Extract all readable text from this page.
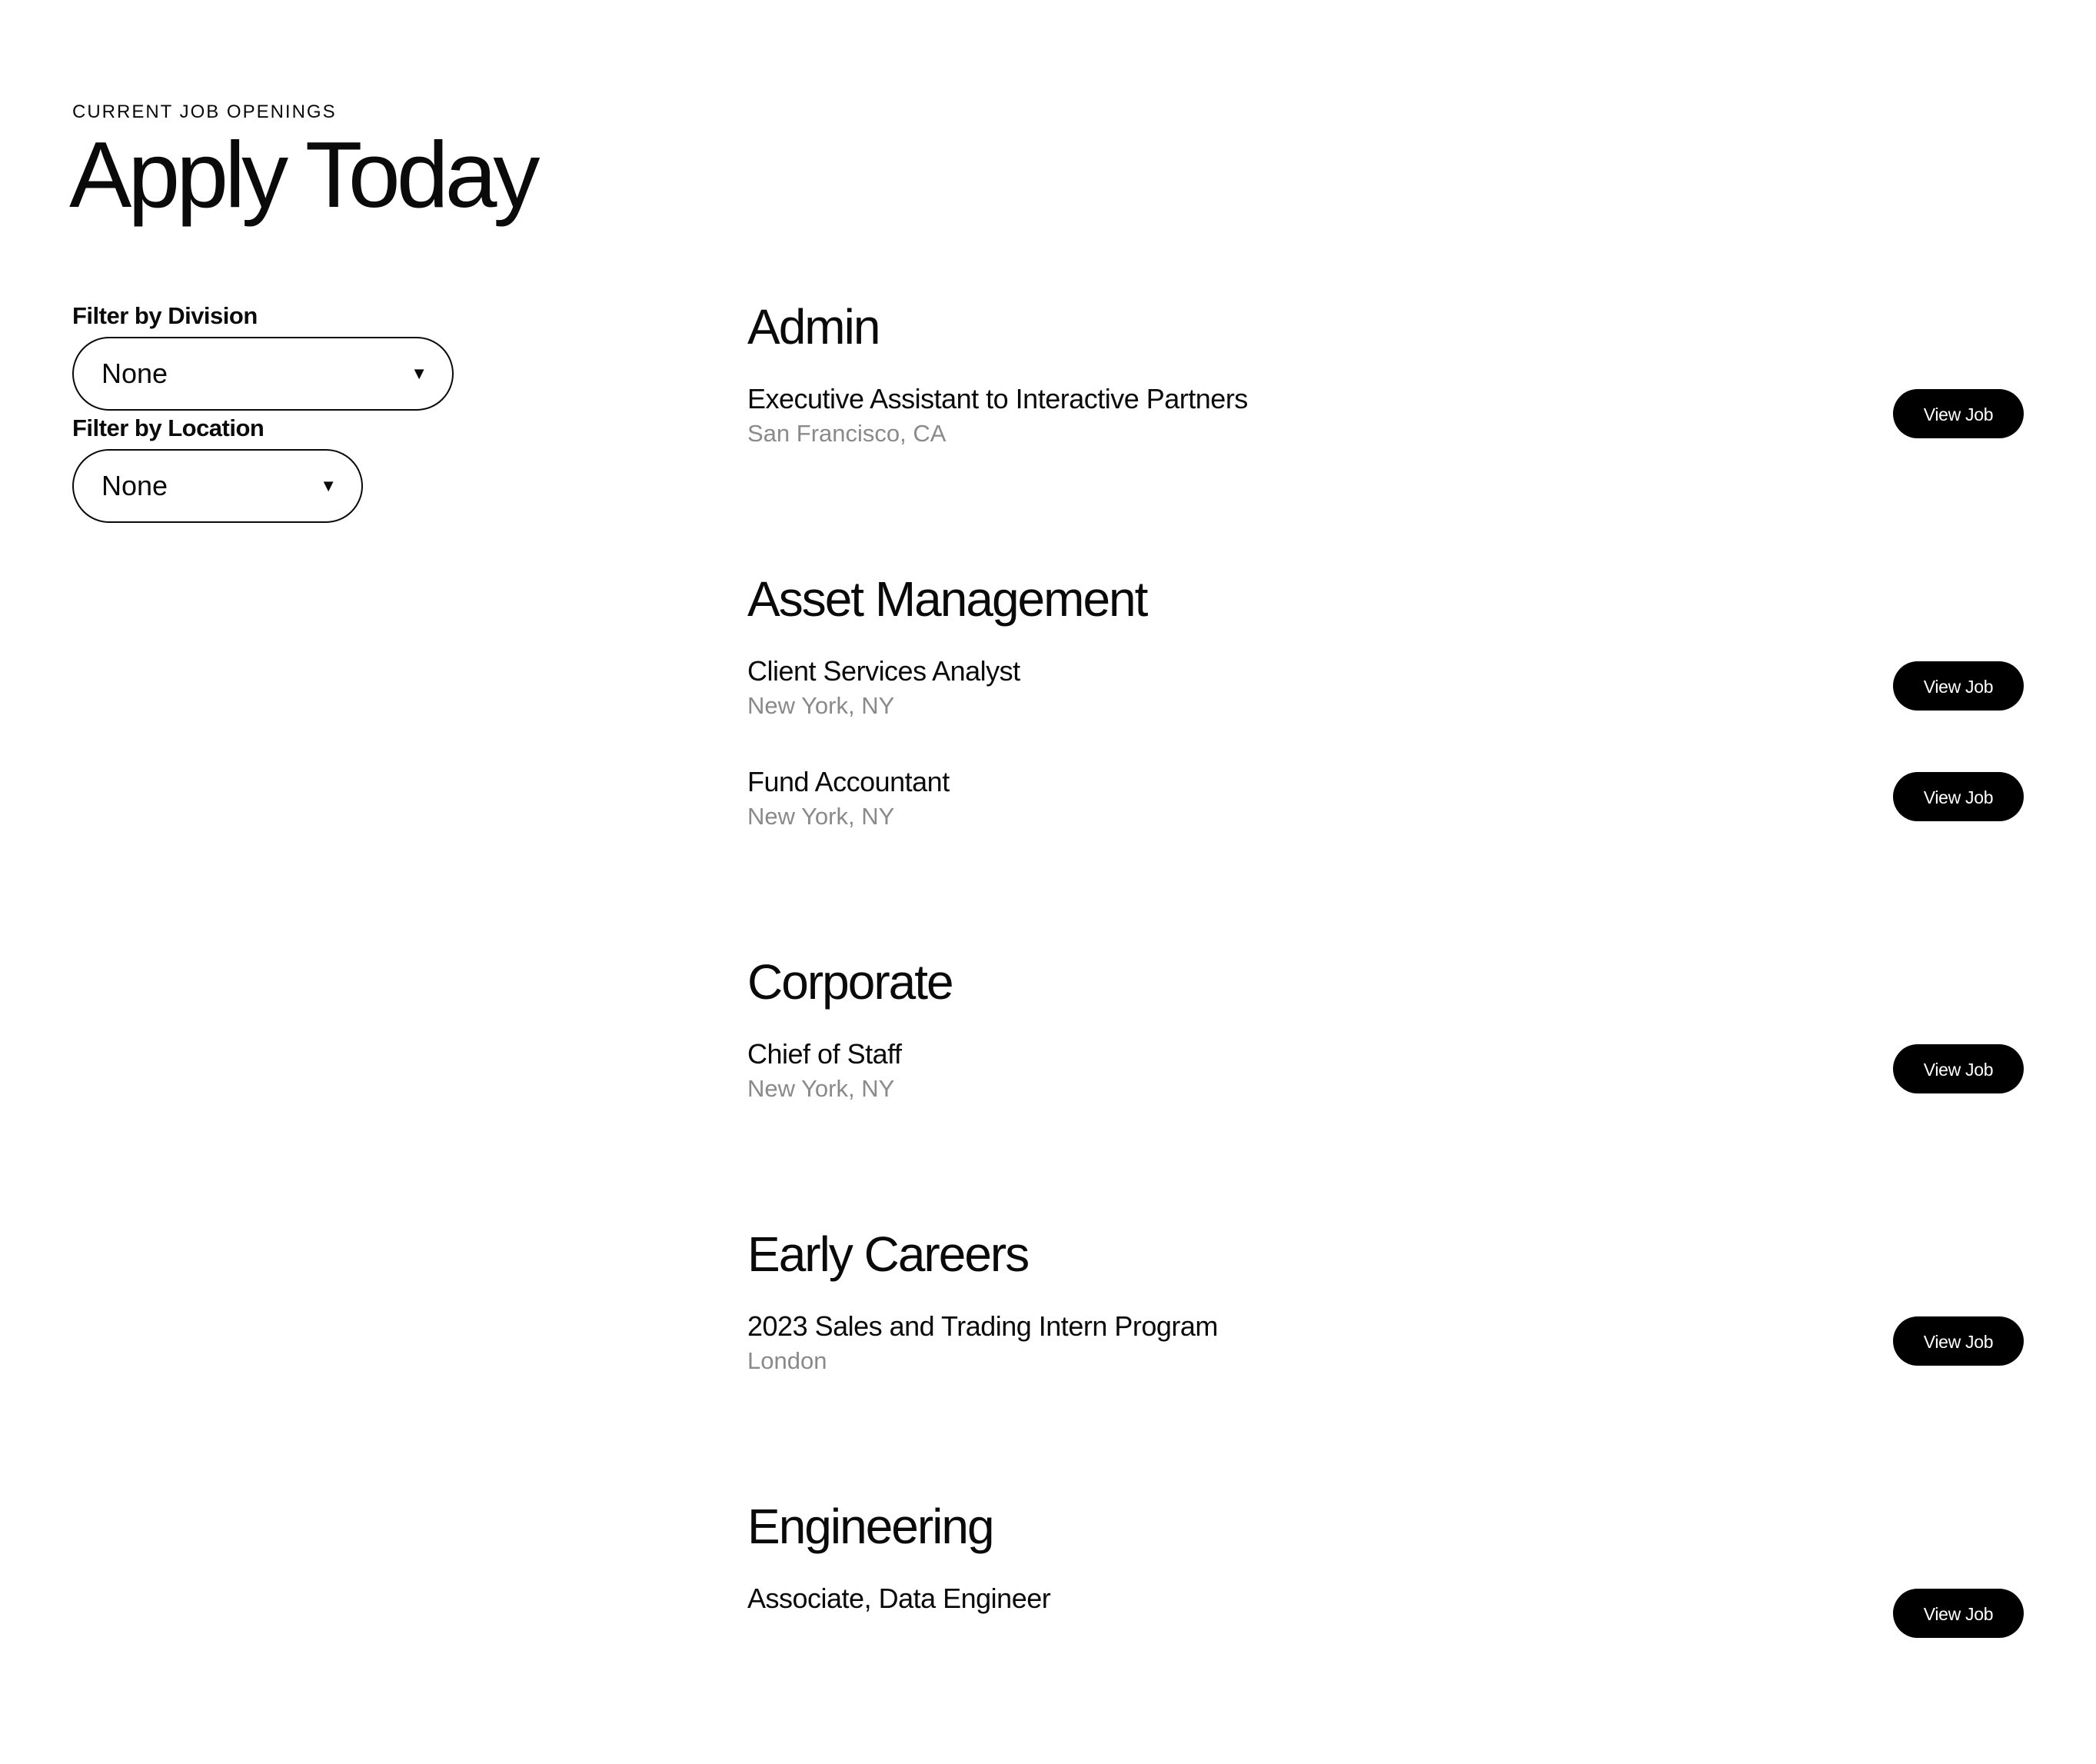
CURRENT JOB OPENINGS
Apply Today
Filter by Division
None	▼
Filter by Location
None	▼
Admin
Executive Assistant to Interactive Partners
San Francisco, CA
View Job
Asset Management
Client Services Analyst
New York, NY
View Job
Fund Accountant
New York, NY
View Job
Corporate
Chief of Staff
New York, NY
View Job
Early Careers
2023 Sales and Trading Intern Program
London
View Job
Engineering
Associate, Data Engineer	View Job
